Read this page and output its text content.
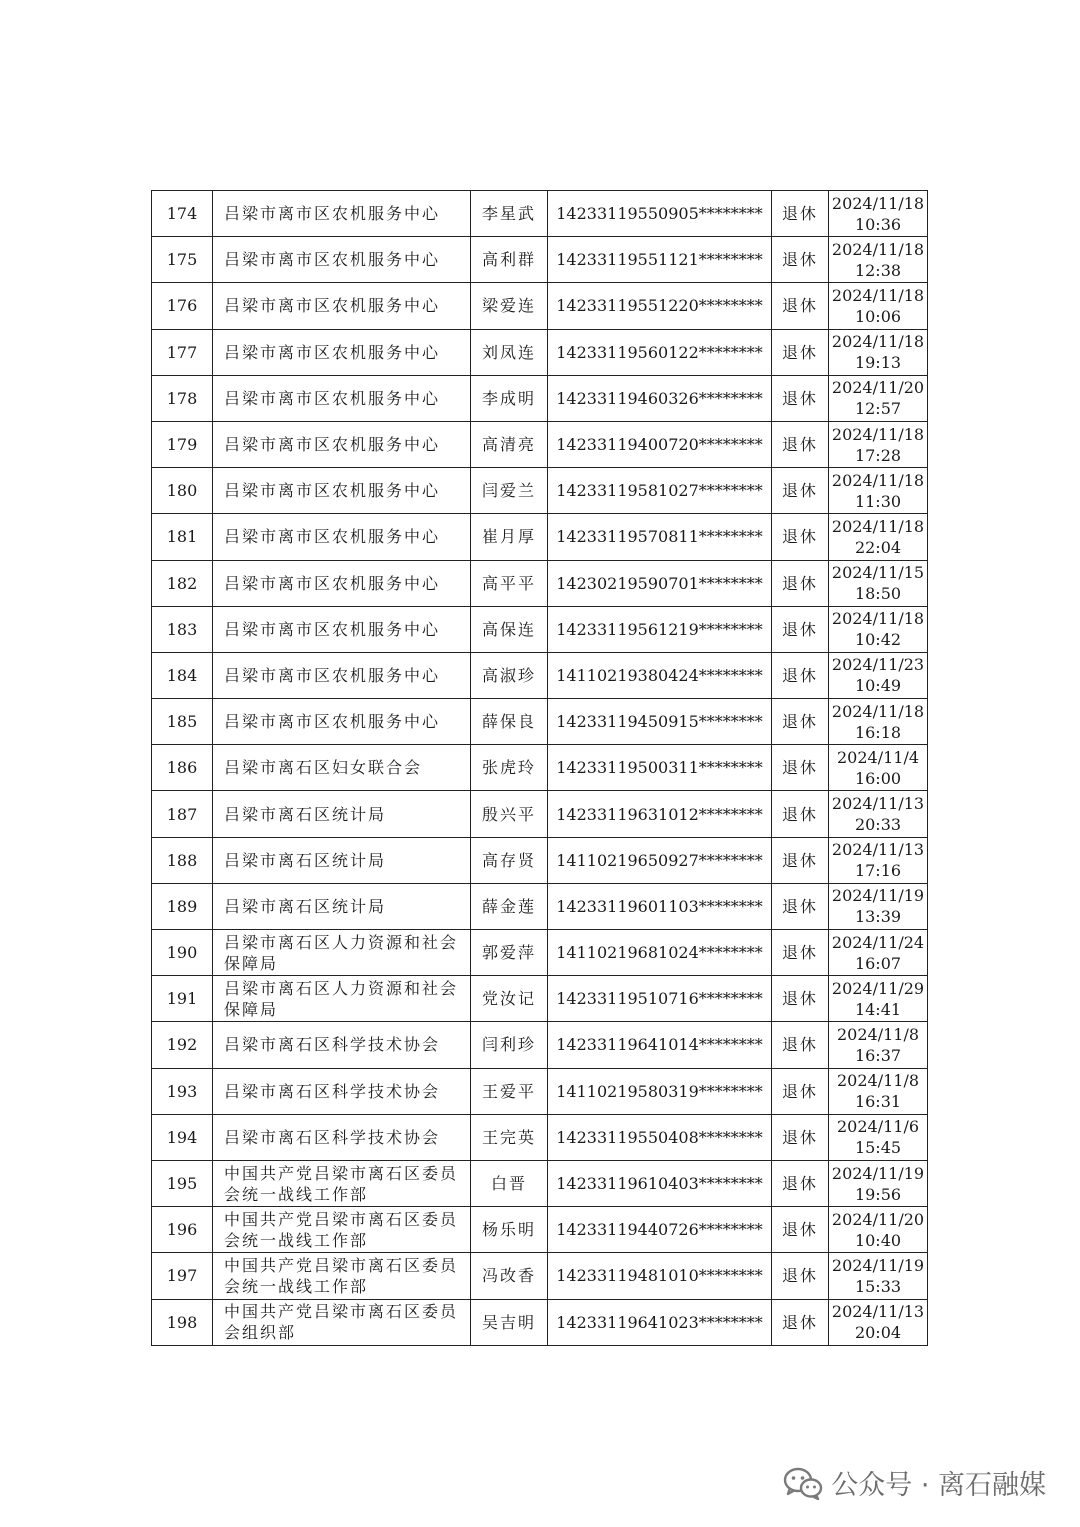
174	吕梁市离市区农机服务中心	李星武	14233119550905********	退休	2024/11/18
10:36

175	吕梁市离市区农机服务中心	高利群	14233119551121********	退休	2024/11/18
12:38

176	吕梁市离市区农机服务中心	梁爱连	14233119551220********	退休	2024/11/18
10:06

177	吕梁市离市区农机服务中心	刘凤连	14233119560122********	退休	2024/11/18
19:13

178	吕梁市离市区农机服务中心	李成明	14233119460326********	退休	2024/11/20
12:57

179	吕梁市离市区农机服务中心	高清亮	14233119400720********	退休	2024/11/18
17:28

180	吕梁市离市区农机服务中心	闫爱兰	14233119581027********	退休	2024/11/18
11:30

181	吕梁市离市区农机服务中心	崔月厚	14233119570811********	退休	2024/11/18
22:04

182	吕梁市离市区农机服务中心	高平平	14230219590701********	退休	2024/11/15
18:50

183	吕梁市离市区农机服务中心	高保连	14233119561219********	退休	2024/11/18
10:42

184	吕梁市离市区农机服务中心	高淑珍	14110219380424********	退休	2024/11/23
10:49

185	吕梁市离市区农机服务中心	薛保良	14233119450915********	退休	2024/11/18
16:18

186	吕梁市离石区妇女联合会	张虎玲	14233119500311********	退休	2024/11/4
16:00

187	吕梁市离石区统计局	殷兴平	14233119631012********	退休	2024/11/13
20:33

188	吕梁市离石区统计局	高存贤	14110219650927********	退休	2024/11/13
17:16

189	吕梁市离石区统计局	薛金莲	14233119601103********	退休	2024/11/19
13:39

190	吕梁市离石区人力资源和社会保障局	郭爱萍	14110219681024********	退休	2024/11/24
16:07

191	吕梁市离石区人力资源和社会保障局	党汝记	14233119510716********	退休	2024/11/29
14:41

192	吕梁市离石区科学技术协会	闫利珍	14233119641014********	退休	2024/11/8
16:37

193	吕梁市离石区科学技术协会	王爱平	14110219580319********	退休	2024/11/8
16:31

194	吕梁市离石区科学技术协会	王完英	14233119550408********	退休	2024/11/6
15:45

195	中国共产党吕梁市离石区委员会统一战线工作部	白晋	14233119610403********	退休	2024/11/19
19:56

196	中国共产党吕梁市离石区委员会统一战线工作部	杨乐明	14233119440726********	退休	2024/11/20
10:40

197	中国共产党吕梁市离石区委员会统一战线工作部	冯改香	14233119481010********	退休	2024/11/19
15:33

198	中国共产党吕梁市离石区委员会组织部	吴吉明	14233119641023********	退休	2024/11/13
20:04
公众号 · 离石融媒
